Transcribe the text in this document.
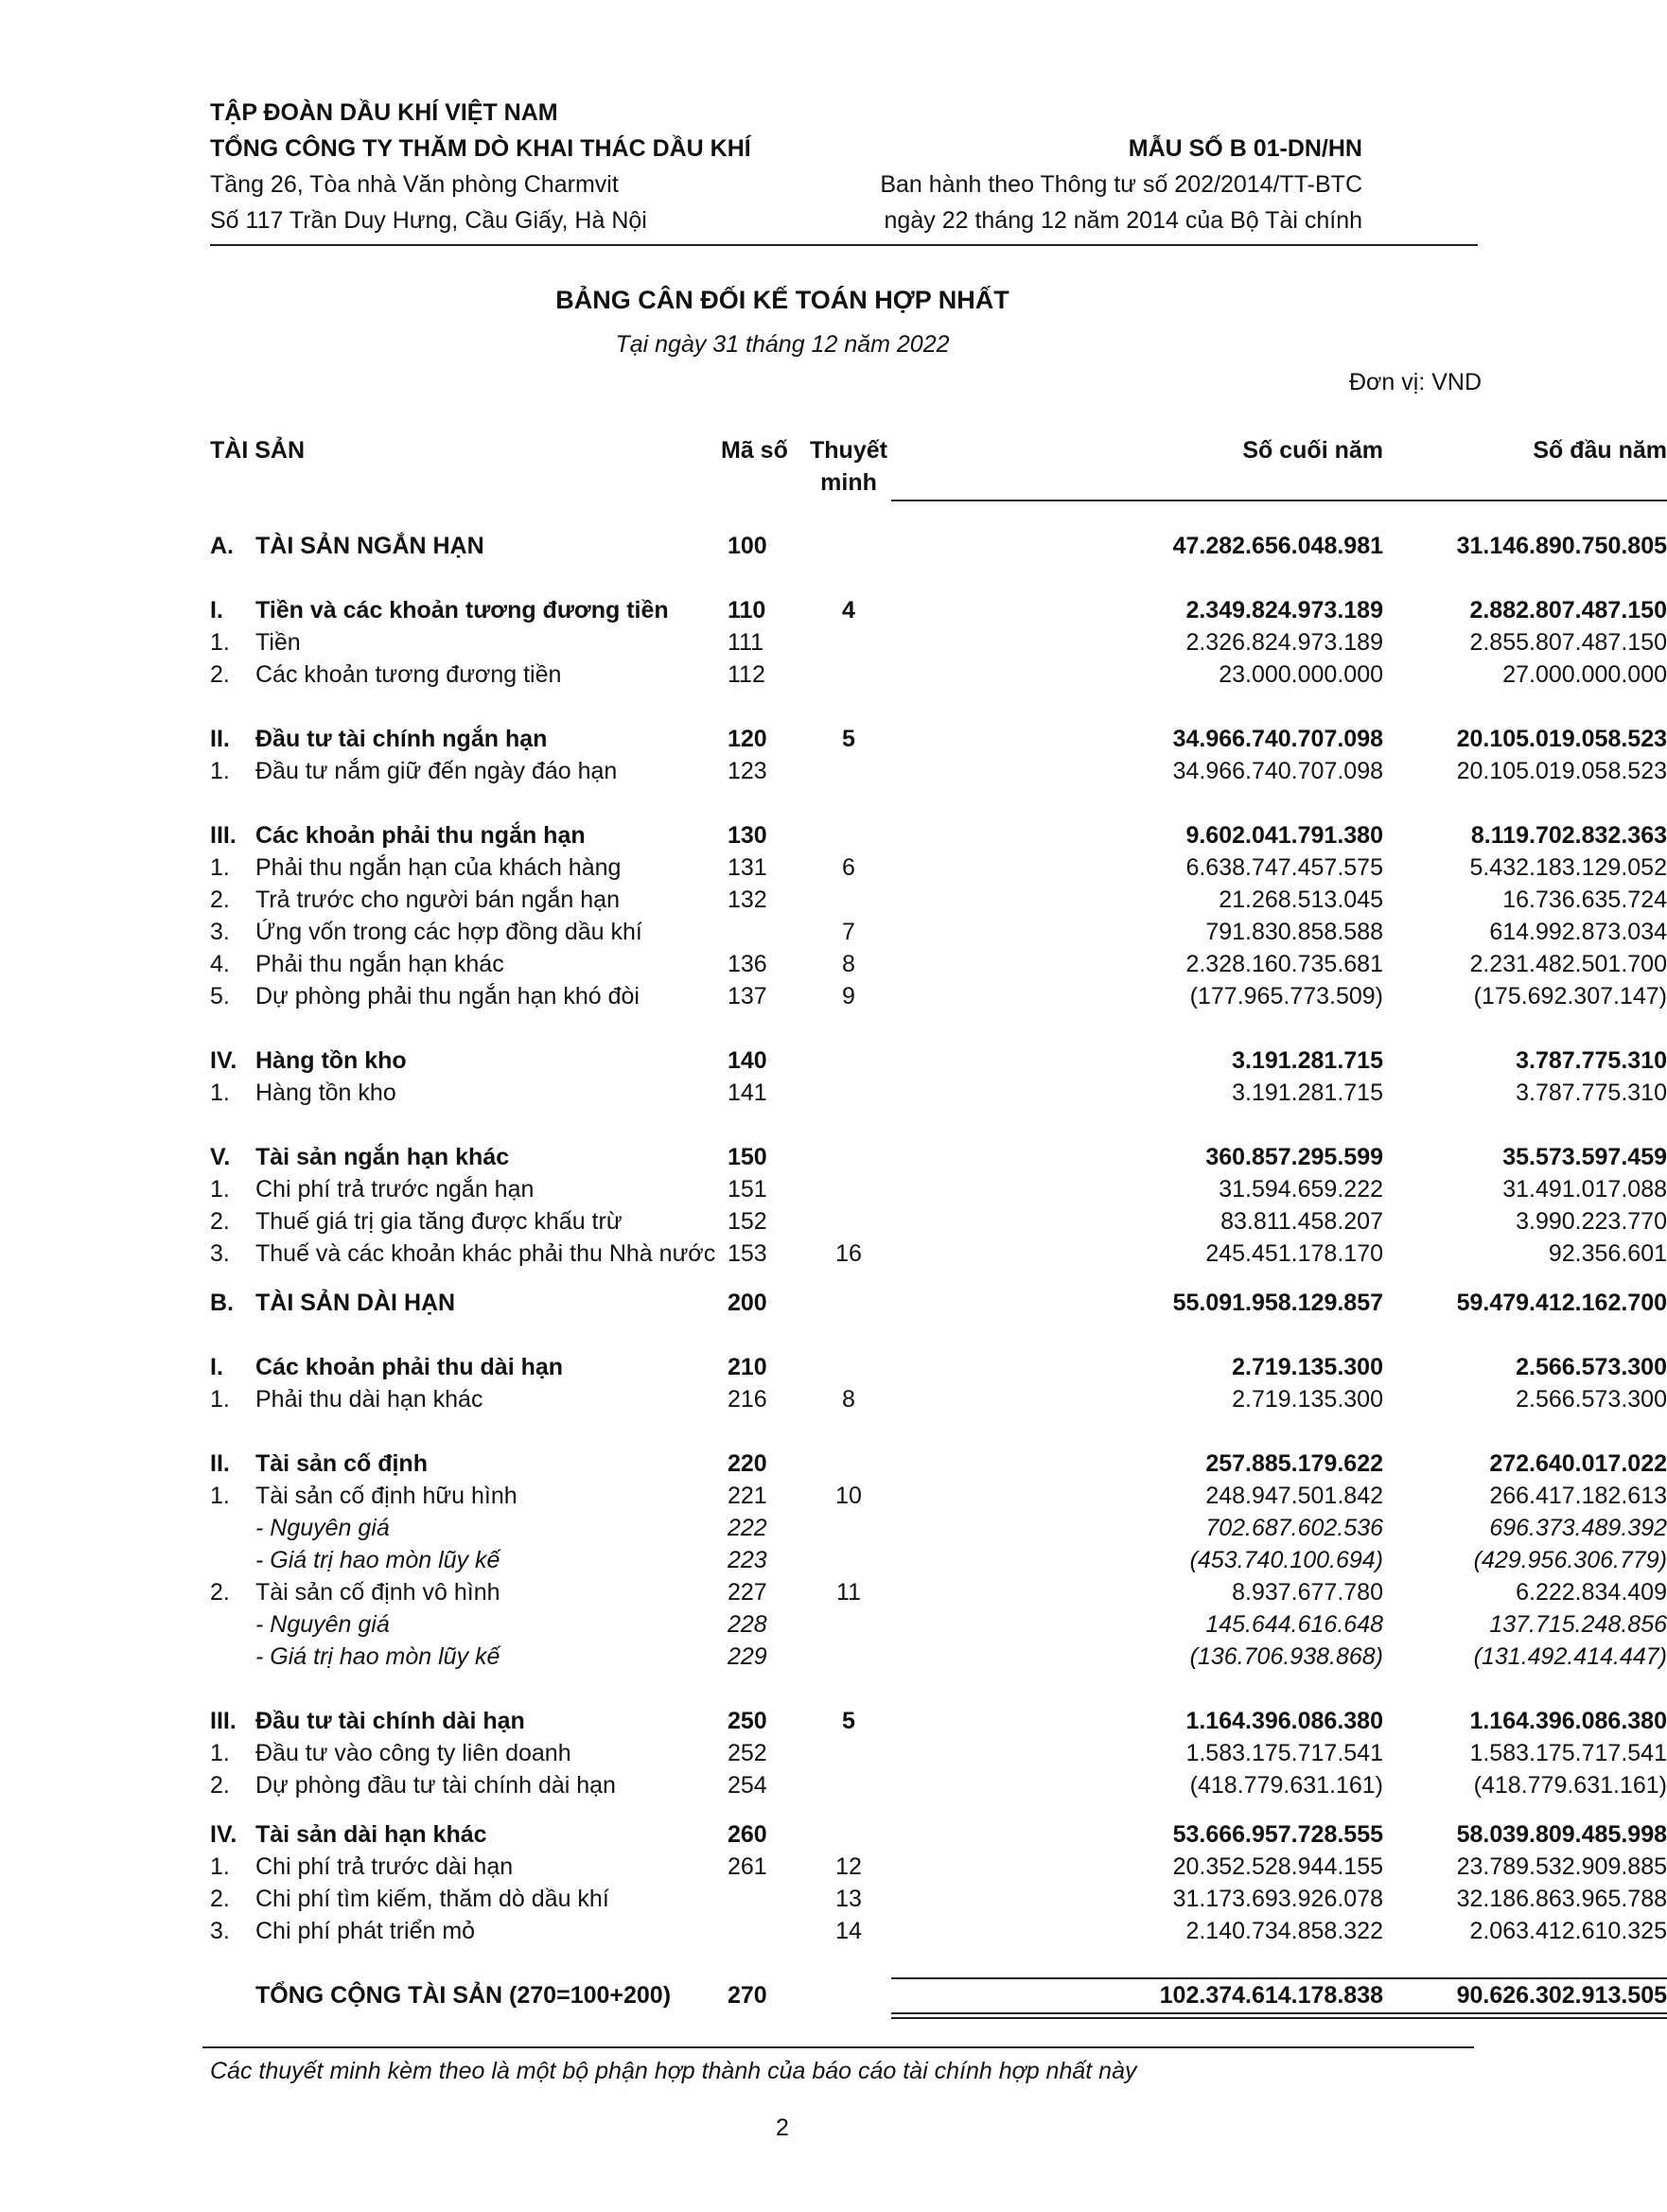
TẬP ĐOÀN DẦU KHÍ VIỆT NAM
TỔNG CÔNG TY THĂM DÒ KHAI THÁC DẦU KHÍ	MẪU SỐ B 01-DN/HN
Tầng 26, Tòa nhà Văn phòng Charmvit	Ban hành theo Thông tư số 202/2014/TT-BTC
Số 117 Trần Duy Hưng, Cầu Giấy, Hà Nội	ngày 22 tháng 12 năm 2014 của Bộ Tài chính
BẢNG CÂN ĐỐI KẾ TOÁN HỢP NHẤT
Tại ngày 31 tháng 12 năm 2022
Đơn vị: VND
TÀI SẢN	Mã số Thuyết
minh
Số cuối năm	Số đầu năm
A. TÀI SẢN NGẮN HẠN	100	47.282.656.048.981	31.146.890.750.805
I. Tiền và các khoản tương đương tiền 110	4	2.349.824.973.189	2.882.807.487.150
1. Tiền	111	2.326.824.973.189	2.855.807.487.150
2. Các khoản tương đương tiền	112	23.000.000.000	27.000.000.000
II. Đầu tư tài chính ngắn hạn	120	5	34.966.740.707.098	20.105.019.058.523
1. Đầu tư nắm giữ đến ngày đáo hạn	123	34.966.740.707.098	20.105.019.058.523
III. Các khoản phải thu ngắn hạn	130	9.602.041.791.380	8.119.702.832.363
1. Phải thu ngắn hạn của khách hàng	131	6	6.638.747.457.575	5.432.183.129.052
2. Trả trước cho người bán ngắn hạn	132	21.268.513.045	16.736.635.724
3. Ứng vốn trong các hợp đồng dầu khí	7	791.830.858.588	614.992.873.034
4. Phải thu ngắn hạn khác	136	8	2.328.160.735.681	2.231.482.501.700
5. Dự phòng phải thu ngắn hạn khó đòi	137	9	(177.965.773.509)	(175.692.307.147)
IV. Hàng tồn kho	140	3.191.281.715	3.787.775.310
1. Hàng tồn kho	141	3.191.281.715	3.787.775.310
V. Tài sản ngắn hạn khác	150	360.857.295.599	35.573.597.459
1. Chi phí trả trước ngắn hạn	151	31.594.659.222	31.491.017.088
2. Thuế giá trị gia tăng được khấu trừ	152	83.811.458.207	3.990.223.770
3. Thuế và các khoản khác phải thu Nhà nước 153	16	245.451.178.170	92.356.601
B. TÀI SẢN DÀI HẠN	200	55.091.958.129.857	59.479.412.162.700
I. Các khoản phải thu dài hạn	210	2.719.135.300	2.566.573.300
1. Phải thu dài hạn khác	216	8	2.719.135.300	2.566.573.300
II. Tài sản cố định	220	257.885.179.622	272.640.017.022
1. Tài sản cố định hữu hình	221	10	248.947.501.842	266.417.182.613
- Nguyên giá	222	702.687.602.536	696.373.489.392
- Giá trị hao mòn lũy kế	223	(453.740.100.694)	(429.956.306.779)
2. Tài sản cố định vô hình	227	11	8.937.677.780	6.222.834.409
- Nguyên giá	228	145.644.616.648	137.715.248.856
- Giá trị hao mòn lũy kế	229	(136.706.938.868)	(131.492.414.447)
III. Đầu tư tài chính dài hạn	250	5	1.164.396.086.380	1.164.396.086.380
1. Đầu tư vào công ty liên doanh	252	1.583.175.717.541	1.583.175.717.541
2. Dự phòng đầu tư tài chính dài hạn	254	(418.779.631.161)	(418.779.631.161)
IV. Tài sản dài hạn khác	260	53.666.957.728.555	58.039.809.485.998
1. Chi phí trả trước dài hạn	261	12	20.352.528.944.155	23.789.532.909.885
2. Chi phí tìm kiếm, thăm dò dầu khí	13	31.173.693.926.078	32.186.863.965.788
3. Chi phí phát triển mỏ	14	2.140.734.858.322	2.063.412.610.325
TỔNG CỘNG TÀI SẢN (270=100+200) 270	102.374.614.178.838	90.626.302.913.505
Các thuyết minh kèm theo là một bộ phận hợp thành của báo cáo tài chính hợp nhất này
2
